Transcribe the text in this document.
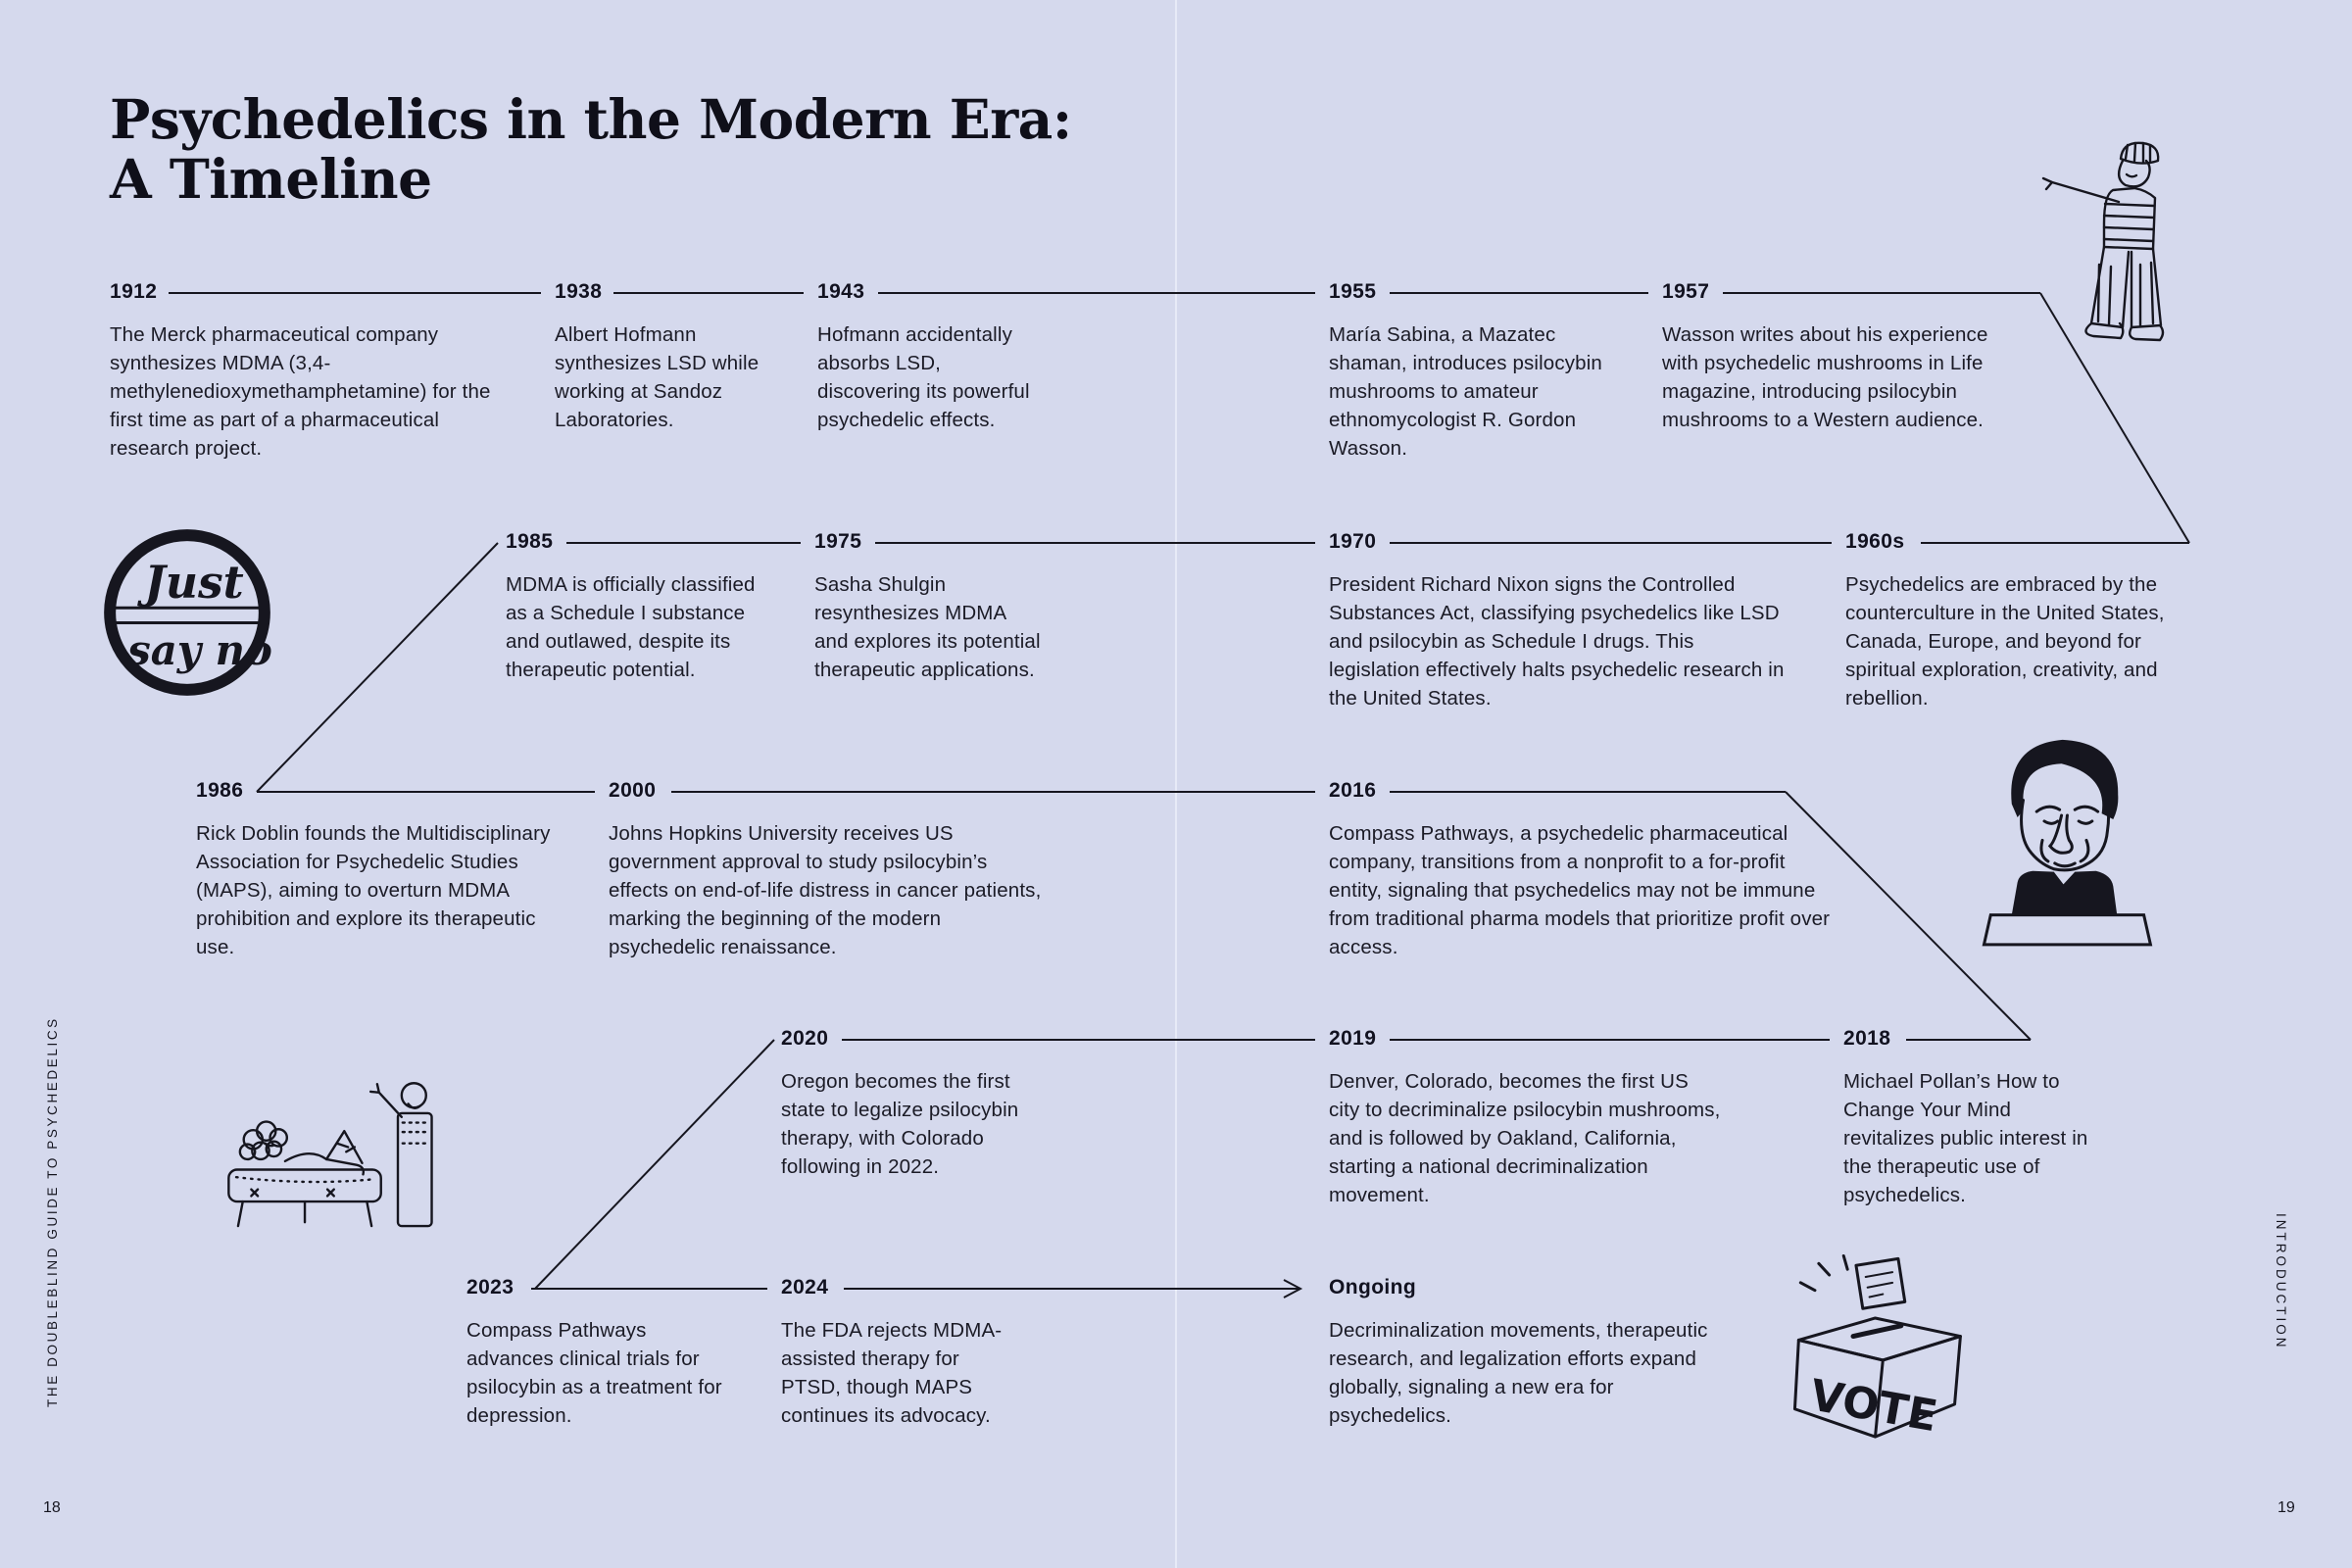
Psychedelics in the Modern Era:
A Timeline
1912

The Merck pharmaceutical company synthesizes MDMA (3,4-methylenedioxymethamphetamine) for the first time as part of a pharmaceutical research project.

1938

Albert Hofmann synthesizes LSD while working at Sandoz Laboratories.

1943

Hofmann accidentally absorbs LSD, discovering its powerful psychedelic effects.

1955

María Sabina, a Mazatec shaman, introduces psilocybin mushrooms to amateur ethnomycologist R. Gordon Wasson.

1957

Wasson writes about his experience with psychedelic mushrooms in Life magazine, introducing psilocybin mushrooms to a Western audience.

1985

MDMA is officially classified as a Schedule I substance and outlawed, despite its therapeutic potential.

1975

Sasha Shulgin resynthesizes MDMA and explores its potential therapeutic applications.

1970

President Richard Nixon signs the Controlled Substances Act, classifying psychedelics like LSD and psilocybin as Schedule I drugs. This legislation effectively halts psychedelic research in the United States.

1960s

Psychedelics are embraced by the counterculture in the United States, Canada, Europe, and beyond for spiritual exploration, creativity, and rebellion.

1986

Rick Doblin founds the Multidisciplinary Association for Psychedelic Studies (MAPS), aiming to overturn MDMA prohibition and explore its therapeutic use.

2000

Johns Hopkins University receives US government approval to study psilocybin’s effects on end-of-life distress in cancer patients, marking the beginning of the modern psychedelic renaissance.

2016

Compass Pathways, a psychedelic pharmaceutical company, transitions from a nonprofit to a for-profit entity, signaling that psychedelics may not be immune from traditional pharma models that prioritize profit over access.

2020

Oregon becomes the first state to legalize psilocybin therapy, with Colorado following in 2022.

2019

Denver, Colorado, becomes the first US city to decriminalize psilocybin mushrooms, and is followed by Oakland, California, starting a national decriminalization movement.

2018

Michael Pollan’s How to Change Your Mind revitalizes public interest in the therapeutic use of psychedelics.

2023

Compass Pathways advances clinical trials for psilocybin as a treatment for depression.

2024

The FDA rejects MDMA-assisted therapy for PTSD, though MAPS continues its advocacy.

Ongoing

Decriminalization movements, therapeutic research, and legalization efforts expand globally, signaling a new era for psychedelics.

Just
say no
VOTE
THE DOUBLEBLIND GUIDE TO PSYCHEDELICS	INTRODUCTION
18	19
